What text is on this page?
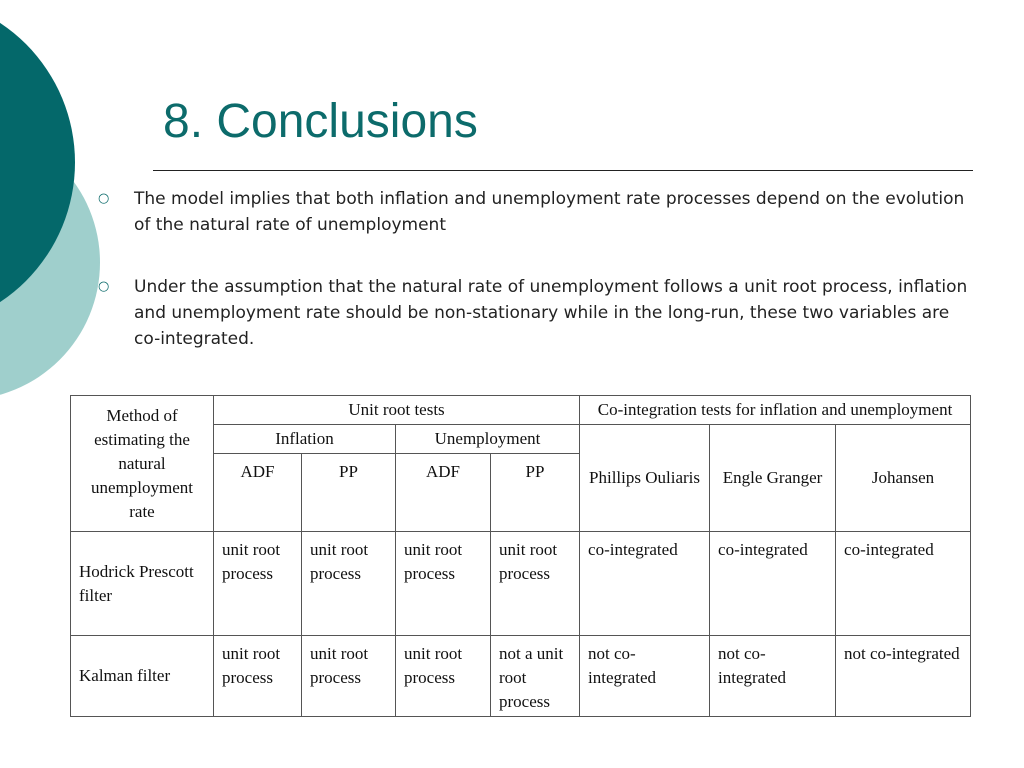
8. Conclusions
○ The model implies that both inflation and unemployment rate processes depend on the evolution of the natural rate of unemployment
○ Under the assumption that the natural rate of unemployment follows a unit root process, inflation and unemployment rate should be non-stationary while in the long-run, these two variables are co-integrated.
Method of estimating the natural unemployment rate	Unit root tests				Co-integration tests for inflation and unemployment		
	Inflation		Unemployment		Phillips Ouliaris	Engle Granger	Johansen
	ADF	PP	ADF	PP			
Hodrick Prescott filter	unit root process	unit root process	unit root process	unit root process	co-integrated	co-integrated	co-integrated
Kalman filter	unit root process	unit root process	unit root process	not a unit root process	not co-integrated	not co-integrated	not co-integrated
